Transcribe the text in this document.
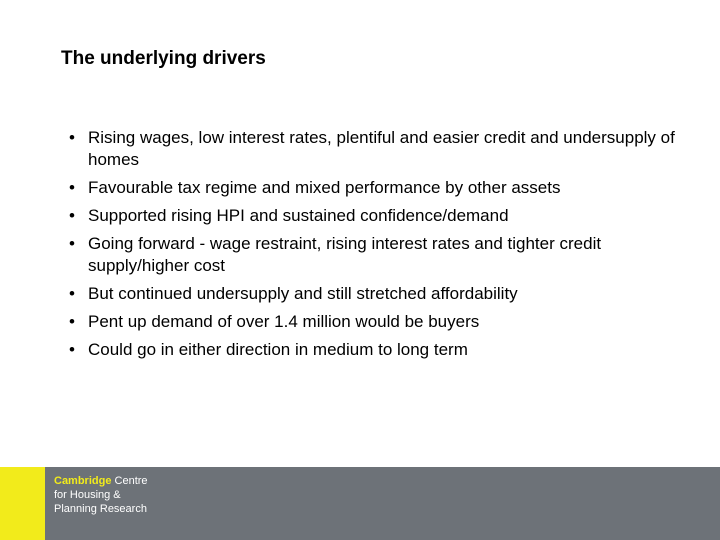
The underlying drivers
• Rising wages, low interest rates, plentiful and easier credit and undersupply of homes
• Favourable tax regime and mixed performance by other assets
• Supported rising HPI and sustained confidence/demand
• Going forward - wage restraint, rising interest rates and tighter credit supply/higher cost
• But continued undersupply and still stretched affordability
• Pent up demand of over 1.4 million would be buyers
• Could go in either direction in medium to long term
Cambridge Centre
for Housing &
Planning Research
